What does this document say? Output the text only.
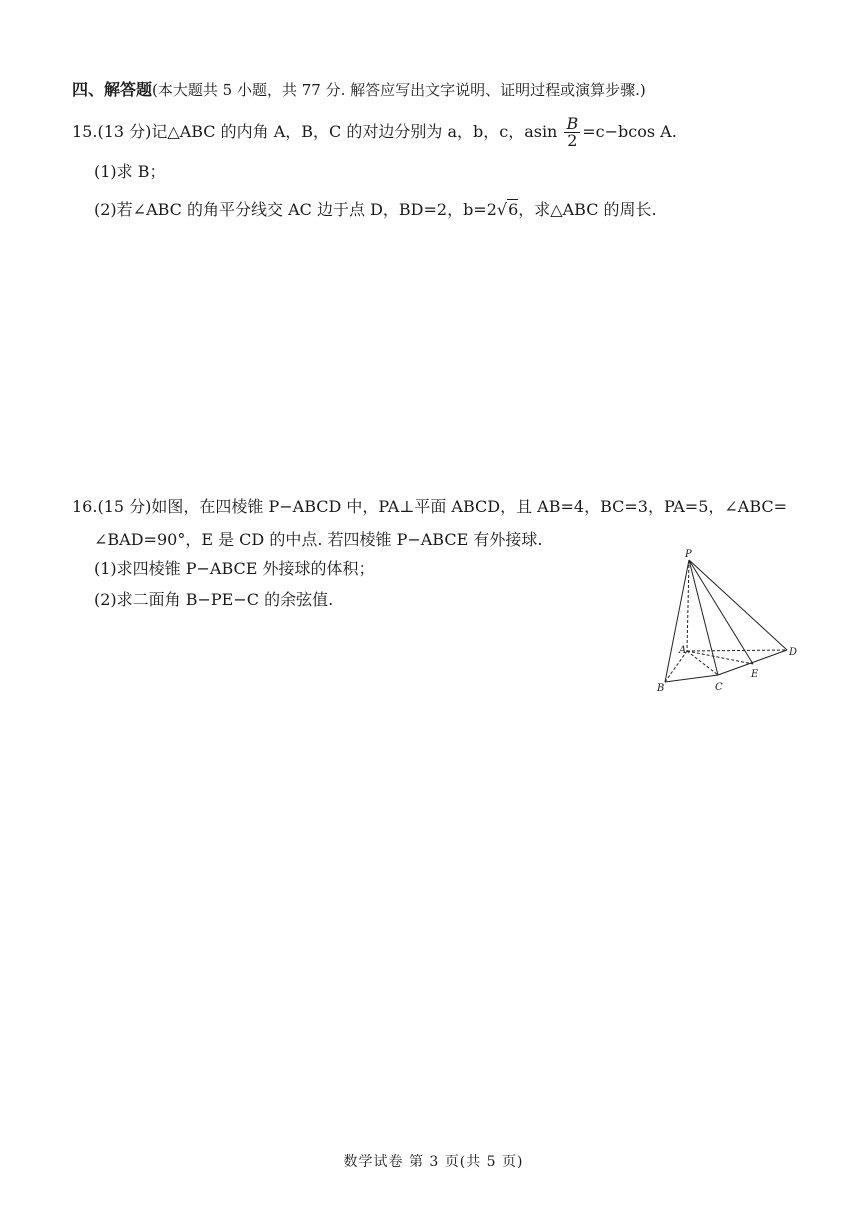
四、解答题(本大题共 5 小题，共 77 分. 解答应写出文字说明、证明过程或演算步骤.)
15.(13 分)记△ABC 的内角 A，B，C 的对边分别为 a，b，c，asin $\frac{B}{2} =c-bcos$ A.
(1)求 B；
(2)若∠ABC 的角平分线交 AC 边于点 D，BD=2，b=2√6，求△ABC 的周长.
16.(15 分)如图，在四棱锥 P−ABCD 中，PA⊥平面 ABCD，且 AB=4，BC=3，PA=5，∠ABC=
∠BAD=90°，E 是 CD 的中点. 若四棱锥 P−ABCE 有外接球.
(1)求四棱锥 P−ABCE 外接球的体积；
(2)求二面角 B−PE−C 的余弦值.
P
A
B	C
D
E
数学试卷 第 3 页(共 5 页)
